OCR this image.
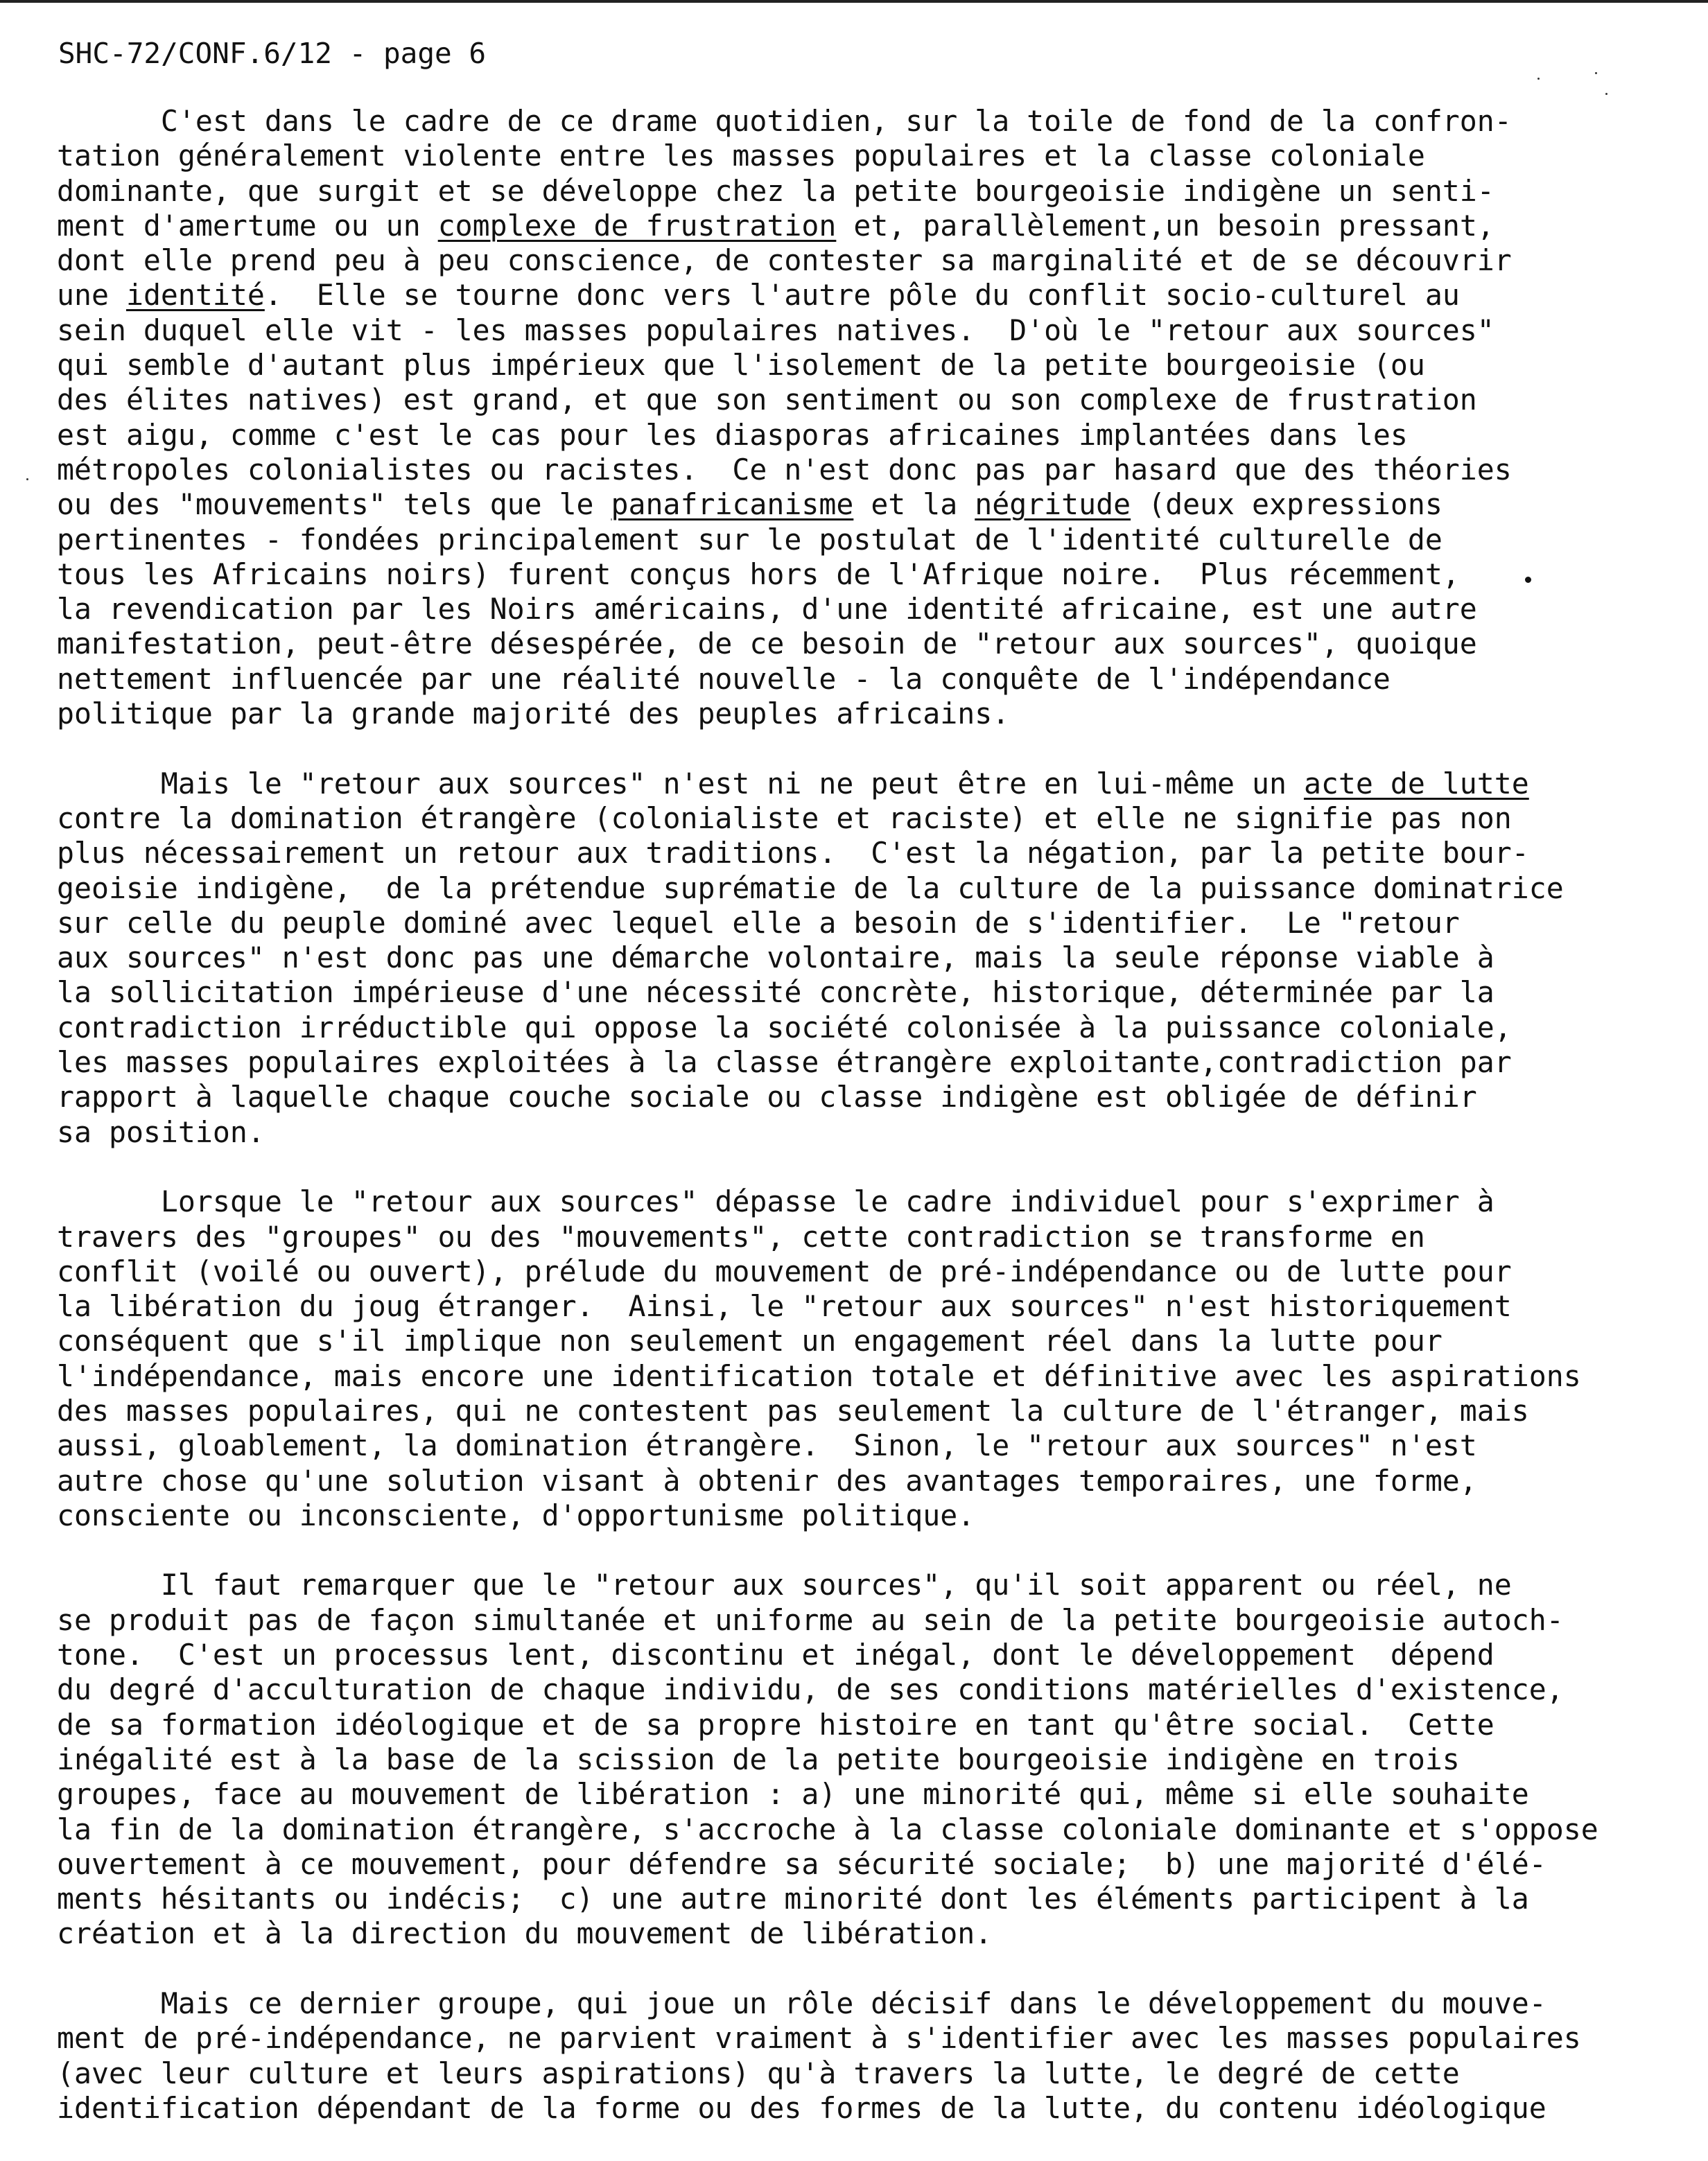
SHC-72/CONF.6/12 - page 6

C'est dans le cadre de ce drame quotidien, sur la toile de fond de la confron-
tation généralement violente entre les masses populaires et la classe coloniale
dominante, que surgit et se développe chez la petite bourgeoisie indigène un senti-
ment d'amertume ou un complexe de frustration et, parallèlement,un besoin pressant,
dont elle prend peu à peu conscience, de contester sa marginalité et de se découvrir
une identité.  Elle se tourne donc vers l'autre pôle du conflit socio-culturel au
sein duquel elle vit - les masses populaires natives.  D'où le "retour aux sources"
qui semble d'autant plus impérieux que l'isolement de la petite bourgeoisie (ou
des élites natives) est grand, et que son sentiment ou son complexe de frustration
est aigu, comme c'est le cas pour les diasporas africaines implantées dans les
métropoles colonialistes ou racistes.  Ce n'est donc pas par hasard que des théories
ou des "mouvements" tels que le panafricanisme et la négritude (deux expressions
pertinentes - fondées principalement sur le postulat de l'identité culturelle de
tous les Africains noirs) furent conçus hors de l'Afrique noire.  Plus récemment,
la revendication par les Noirs américains, d'une identité africaine, est une autre
manifestation, peut-être désespérée, de ce besoin de "retour aux sources", quoique
nettement influencée par une réalité nouvelle - la conquête de l'indépendance
politique par la grande majorité des peuples africains.

Mais le "retour aux sources" n'est ni ne peut être en lui-même un acte de lutte
contre la domination étrangère (colonialiste et raciste) et elle ne signifie pas non
plus nécessairement un retour aux traditions.  C'est la négation, par la petite bour-
geoisie indigène,  de la prétendue suprématie de la culture de la puissance dominatrice
sur celle du peuple dominé avec lequel elle a besoin de s'identifier.  Le "retour
aux sources" n'est donc pas une démarche volontaire, mais la seule réponse viable à
la sollicitation impérieuse d'une nécessité concrète, historique, déterminée par la
contradiction irréductible qui oppose la société colonisée à la puissance coloniale,
les masses populaires exploitées à la classe étrangère exploitante,contradiction par
rapport à laquelle chaque couche sociale ou classe indigène est obligée de définir
sa position.

Lorsque le "retour aux sources" dépasse le cadre individuel pour s'exprimer à
travers des "groupes" ou des "mouvements", cette contradiction se transforme en
conflit (voilé ou ouvert), prélude du mouvement de pré-indépendance ou de lutte pour
la libération du joug étranger.  Ainsi, le "retour aux sources" n'est historiquement
conséquent que s'il implique non seulement un engagement réel dans la lutte pour
l'indépendance, mais encore une identification totale et définitive avec les aspirations
des masses populaires, qui ne contestent pas seulement la culture de l'étranger, mais
aussi, gloablement, la domination étrangère.  Sinon, le "retour aux sources" n'est
autre chose qu'une solution visant à obtenir des avantages temporaires, une forme,
consciente ou inconsciente, d'opportunisme politique.

Il faut remarquer que le "retour aux sources", qu'il soit apparent ou réel, ne
se produit pas de façon simultanée et uniforme au sein de la petite bourgeoisie autoch-
tone.  C'est un processus lent, discontinu et inégal, dont le développement  dépend
du degré d'acculturation de chaque individu, de ses conditions matérielles d'existence,
de sa formation idéologique et de sa propre histoire en tant qu'être social.  Cette
inégalité est à la base de la scission de la petite bourgeoisie indigène en trois
groupes, face au mouvement de libération : a) une minorité qui, même si elle souhaite
la fin de la domination étrangère, s'accroche à la classe coloniale dominante et s'oppose
ouvertement à ce mouvement, pour défendre sa sécurité sociale;  b) une majorité d'élé-
ments hésitants ou indécis;  c) une autre minorité dont les éléments participent à la
création et à la direction du mouvement de libération.

Mais ce dernier groupe, qui joue un rôle décisif dans le développement du mouve-
ment de pré-indépendance, ne parvient vraiment à s'identifier avec les masses populaires
(avec leur culture et leurs aspirations) qu'à travers la lutte, le degré de cette
identification dépendant de la forme ou des formes de la lutte, du contenu idéologique
